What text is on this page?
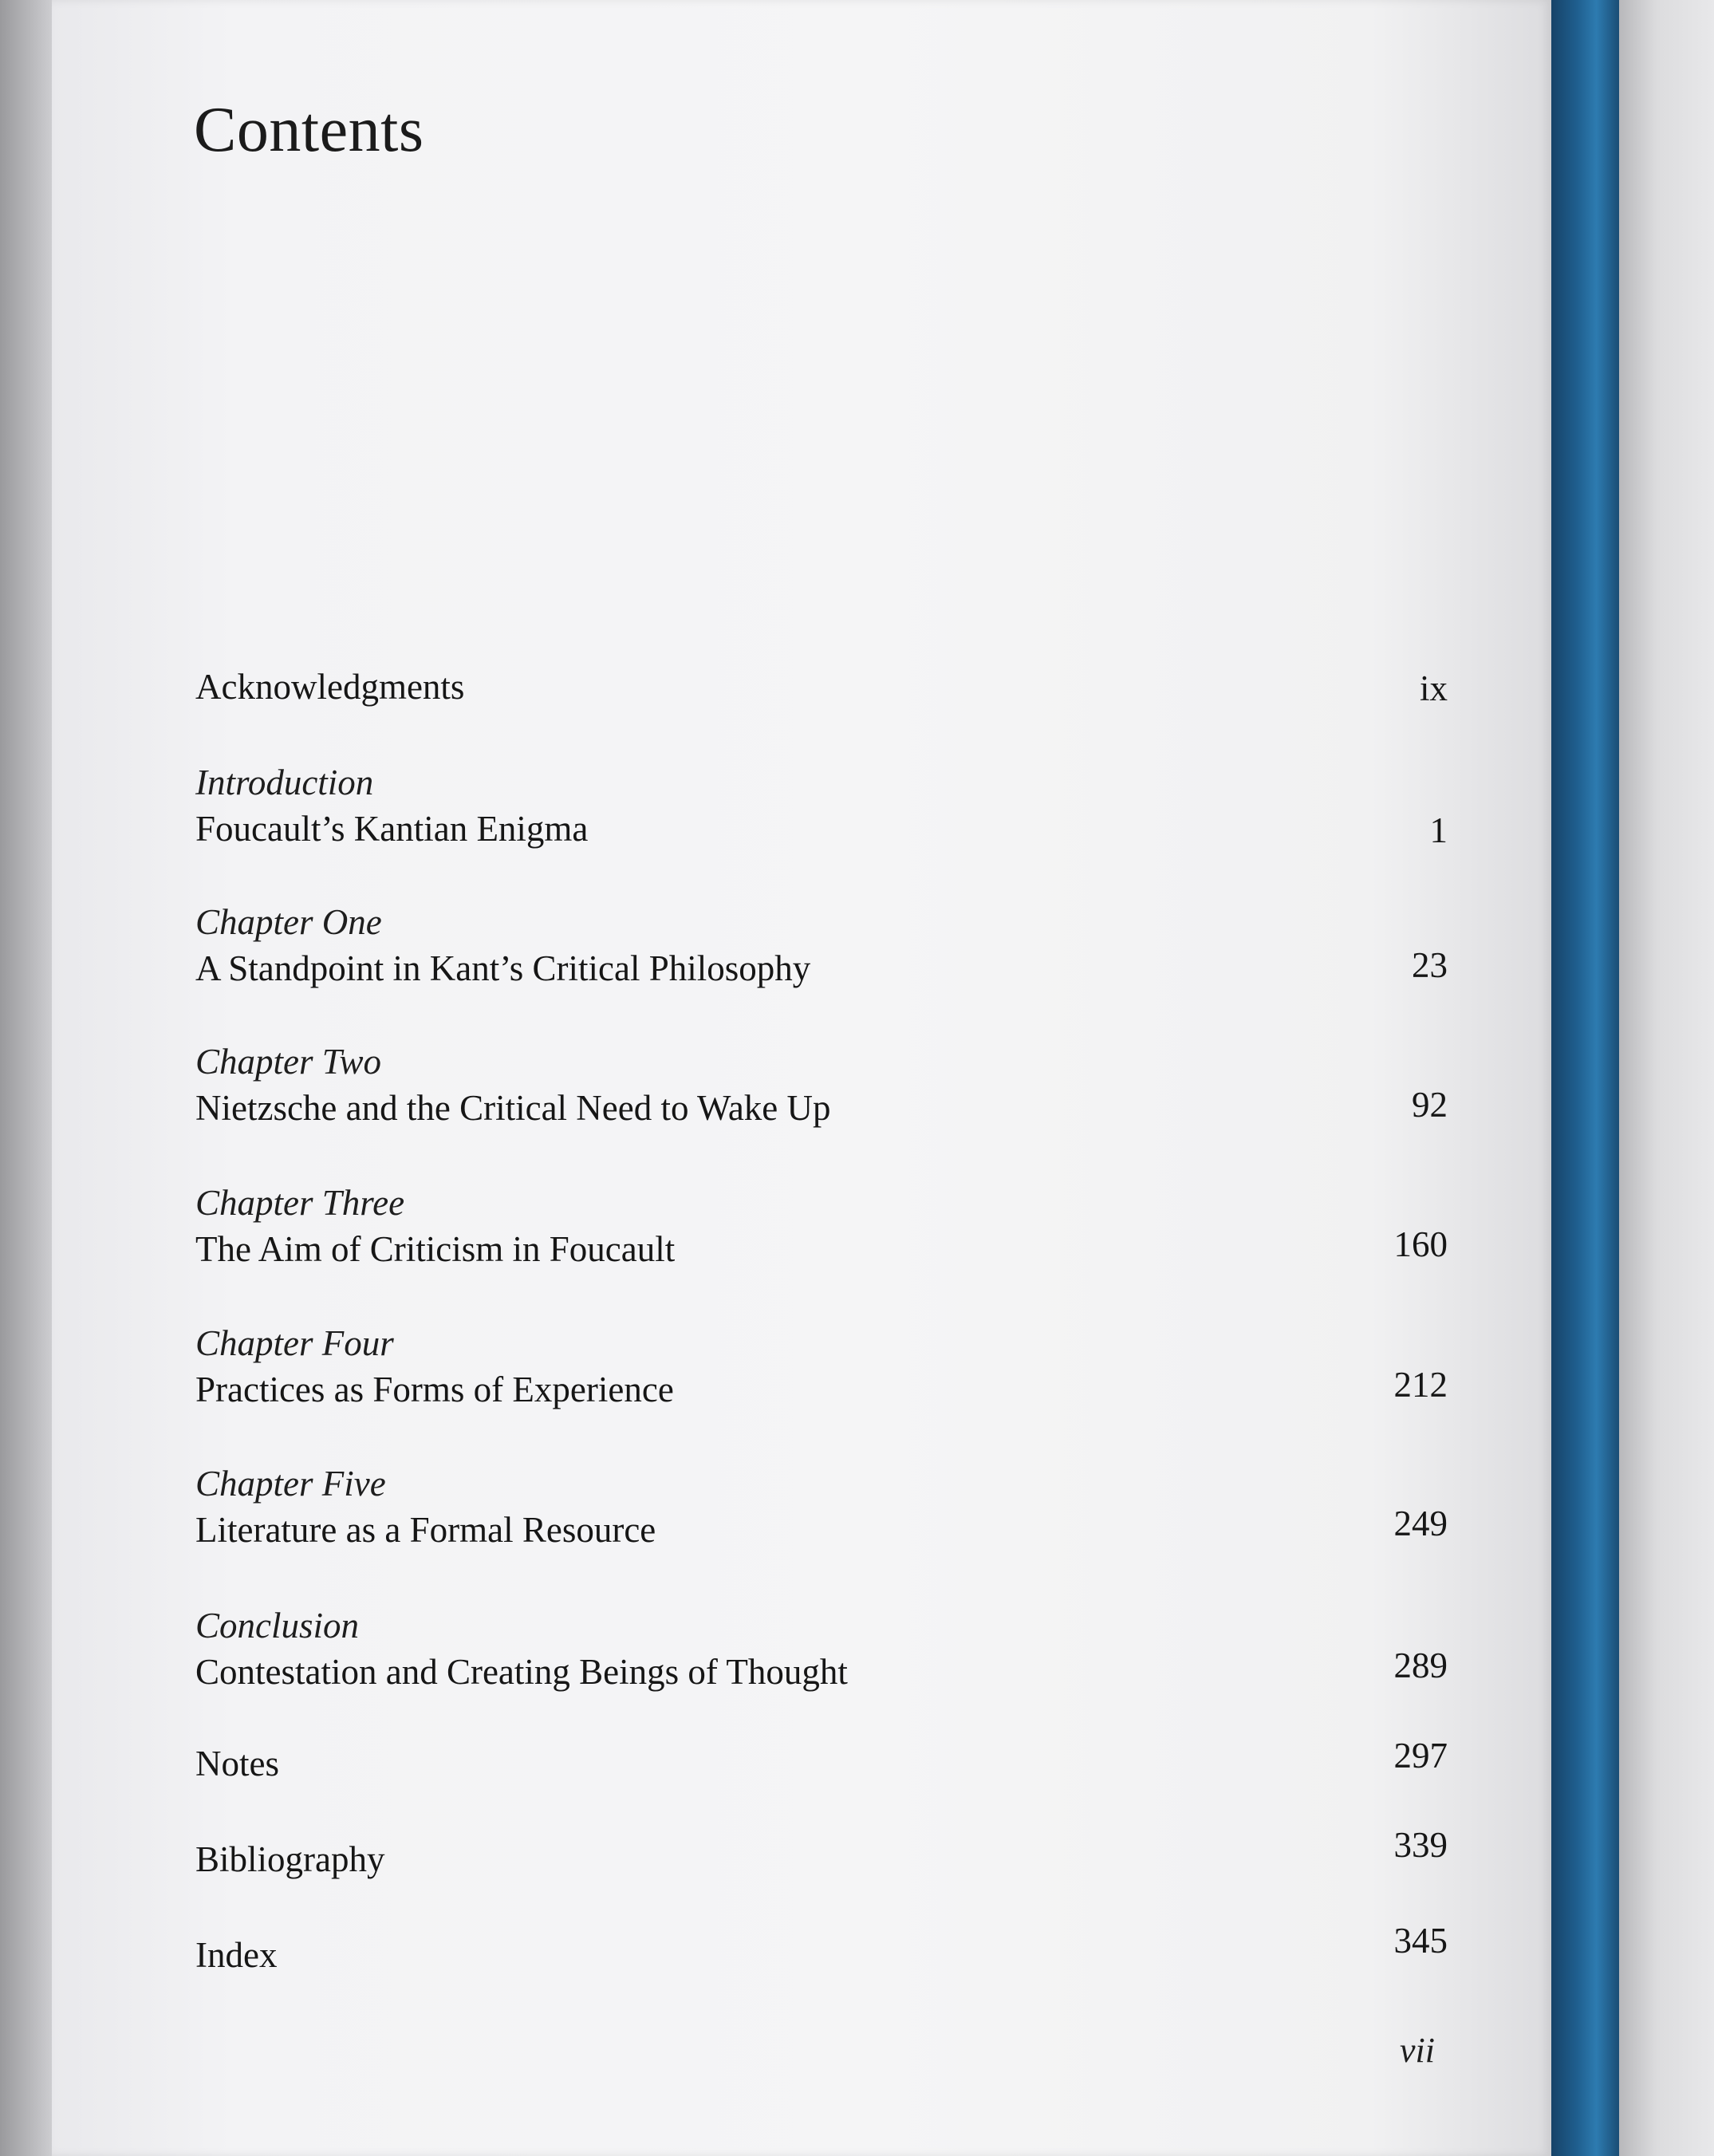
Contents
Acknowledgments	ix
Introduction
Foucault’s Kantian Enigma	1
Chapter One
A Standpoint in Kant’s Critical Philosophy	23
Chapter Two
Nietzsche and the Critical Need to Wake Up	92
Chapter Three
The Aim of Criticism in Foucault	160
Chapter Four
Practices as Forms of Experience	212
Chapter Five
Literature as a Formal Resource	249
Conclusion
Contestation and Creating Beings of Thought	289
Notes	297
Bibliography	339
Index	345
vii
